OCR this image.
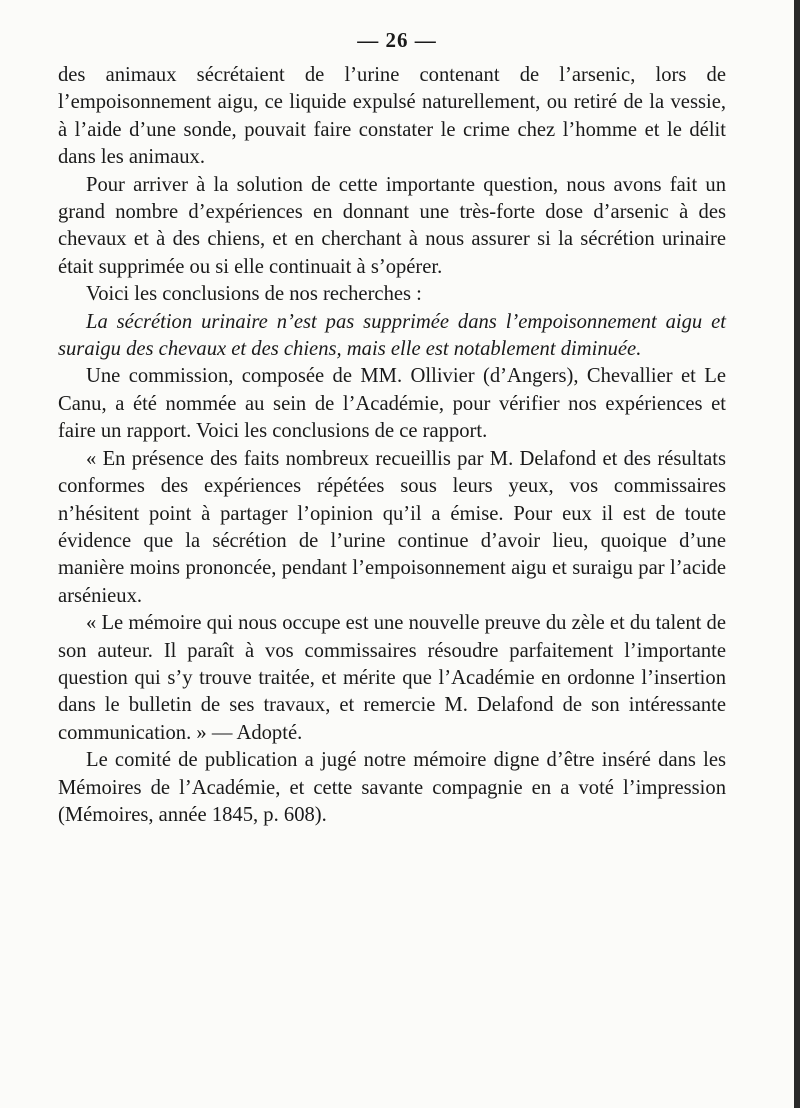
— 26 —

des animaux sécrétaient de l’urine contenant de l’arsenic, lors de l’empoisonnement aigu, ce liquide expulsé naturellement, ou retiré de la vessie, à l’aide d’une sonde, pouvait faire constater le crime chez l’homme et le délit dans les animaux.

Pour arriver à la solution de cette importante question, nous avons fait un grand nombre d’expériences en donnant une très-forte dose d’arsenic à des chevaux et à des chiens, et en cherchant à nous assurer si la sécrétion urinaire était supprimée ou si elle continuait à s’opérer.

Voici les conclusions de nos recherches :

La sécrétion urinaire n’est pas supprimée dans l’empoisonnement aigu et suraigu des chevaux et des chiens, mais elle est notablement diminuée.

Une commission, composée de MM. Ollivier (d’Angers), Chevallier et Le Canu, a été nommée au sein de l’Académie, pour vérifier nos expériences et faire un rapport. Voici les conclusions de ce rapport.

« En présence des faits nombreux recueillis par M. Delafond et des résultats conformes des expériences répétées sous leurs yeux, vos commissaires n’hésitent point à partager l’opinion qu’il a émise. Pour eux il est de toute évidence que la sécrétion de l’urine continue d’avoir lieu, quoique d’une manière moins prononcée, pendant l’empoisonnement aigu et suraigu par l’acide arsénieux.

« Le mémoire qui nous occupe est une nouvelle preuve du zèle et du talent de son auteur. Il paraît à vos commissaires résoudre parfaitement l’importante question qui s’y trouve traitée, et mérite que l’Académie en ordonne l’insertion dans le bulletin de ses travaux, et remercie M. Delafond de son intéressante communication. » — Adopté.

Le comité de publication a jugé notre mémoire digne d’être inséré dans les Mémoires de l’Académie, et cette savante compagnie en a voté l’impression (Mémoires, année 1845, p. 608).
